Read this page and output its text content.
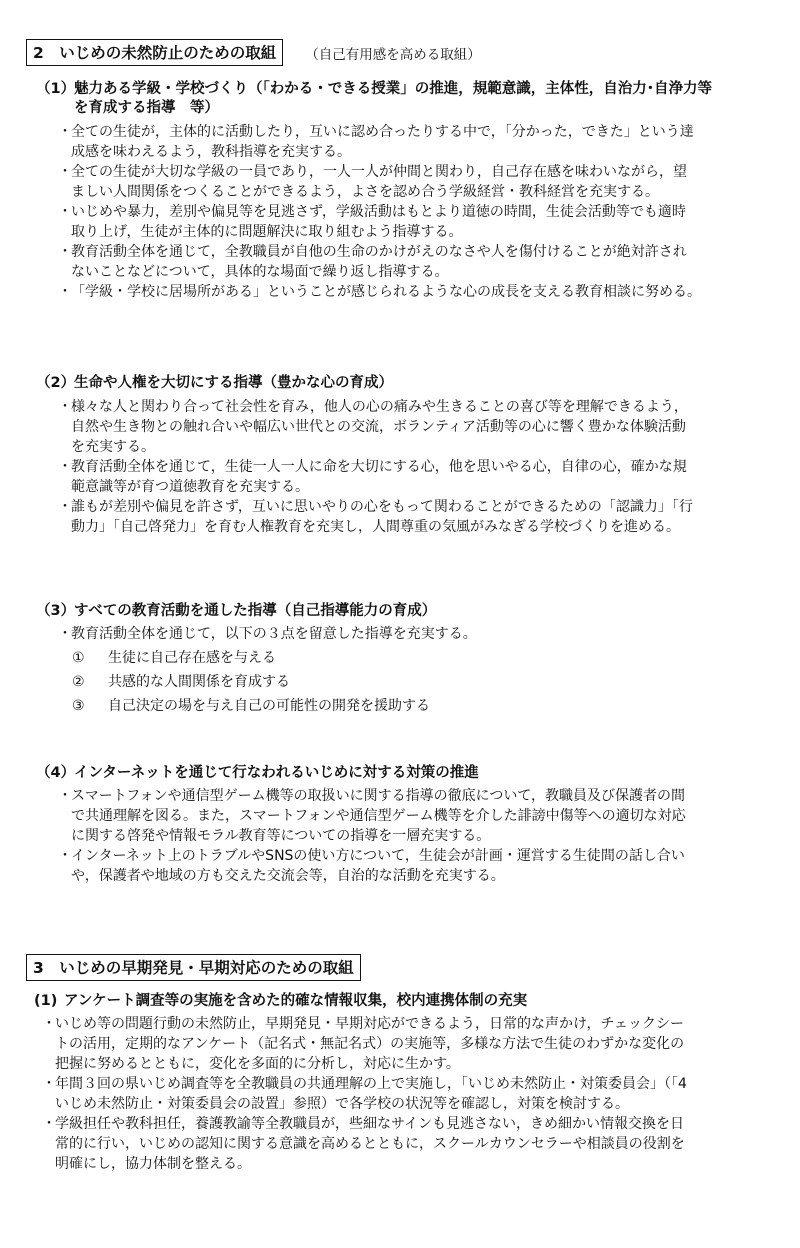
2　いじめの未然防止のための取組	（自己有用感を高める取組）
（1）魅力ある学級・学校づくり（「わかる・できる授業」の推進，規範意識，主体性，自治力･自浄力等
を育成する指導　等）
・ 全ての生徒が，主体的に活動したり，互いに認め合ったりする中で，「分かった，できた」という達
成感を味わえるよう，教科指導を充実する。
・ 全ての生徒が大切な学級の一員であり，一人一人が仲間と関わり，自己存在感を味わいながら，望
ましい人間関係をつくることができるよう，よさを認め合う学級経営・教科経営を充実する。
・ いじめや暴力，差別や偏見等を見逃さず，学級活動はもとより道徳の時間，生徒会活動等でも適時
取り上げ，生徒が主体的に問題解決に取り組むよう指導する。
・ 教育活動全体を通じて，全教職員が自他の生命のかけがえのなさや人を傷付けることが絶対許され
ないことなどについて，具体的な場面で繰り返し指導する。
・ 「学級・学校に居場所がある」ということが感じられるような心の成長を支える教育相談に努める。
（2）生命や人権を大切にする指導（豊かな心の育成）
・ 様々な人と関わり合って社会性を育み，他人の心の痛みや生きることの喜び等を理解できるよう，
自然や生き物との触れ合いや幅広い世代との交流，ボランティア活動等の心に響く豊かな体験活動
を充実する。
・ 教育活動全体を通じて，生徒一人一人に命を大切にする心，他を思いやる心，自律の心，確かな規
範意識等が育つ道徳教育を充実する。
・ 誰もが差別や偏見を許さず，互いに思いやりの心をもって関わることができるための「認識力」「行
動力」「自己啓発力」を育む人権教育を充実し，人間尊重の気風がみなぎる学校づくりを進める。
（3）すべての教育活動を通した指導（自己指導能力の育成）
・ 教育活動全体を通じて，以下の３点を留意した指導を充実する。
①	生徒に自己存在感を与える
②	共感的な人間関係を育成する
③	自己決定の場を与え自己の可能性の開発を援助する
（4）インターネットを通じて行なわれるいじめに対する対策の推進
・ スマートフォンや通信型ゲーム機等の取扱いに関する指導の徹底について，教職員及び保護者の間
で共通理解を図る。また，スマートフォンや通信型ゲーム機等を介した誹謗中傷等への適切な対応
に関する啓発や情報モラル教育等についての指導を一層充実する。
・ インターネット上のトラブルやSNSの使い方について，生徒会が計画・運営する生徒間の話し合い
や，保護者や地域の方も交えた交流会等，自治的な活動を充実する。
3　いじめの早期発見・早期対応のための取組
(1) アンケート調査等の実施を含めた的確な情報収集，校内連携体制の充実
・ いじめ等の問題行動の未然防止，早期発見・早期対応ができるよう，日常的な声かけ，チェックシー
トの活用，定期的なアンケート（記名式・無記名式）の実施等，多様な方法で生徒のわずかな変化の
把握に努めるとともに，変化を多面的に分析し，対応に生かす。
・ 年間３回の県いじめ調査等を全教職員の共通理解の上で実施し，「いじめ未然防止・対策委員会」（「4
いじめ未然防止・対策委員会の設置」参照）で各学校の状況等を確認し，対策を検討する。
・ 学級担任や教科担任，養護教諭等全教職員が，些細なサインも見逃さない，きめ細かい情報交換を日
常的に行い，いじめの認知に関する意識を高めるとともに，スクールカウンセラーや相談員の役割を
明確にし，協力体制を整える。
